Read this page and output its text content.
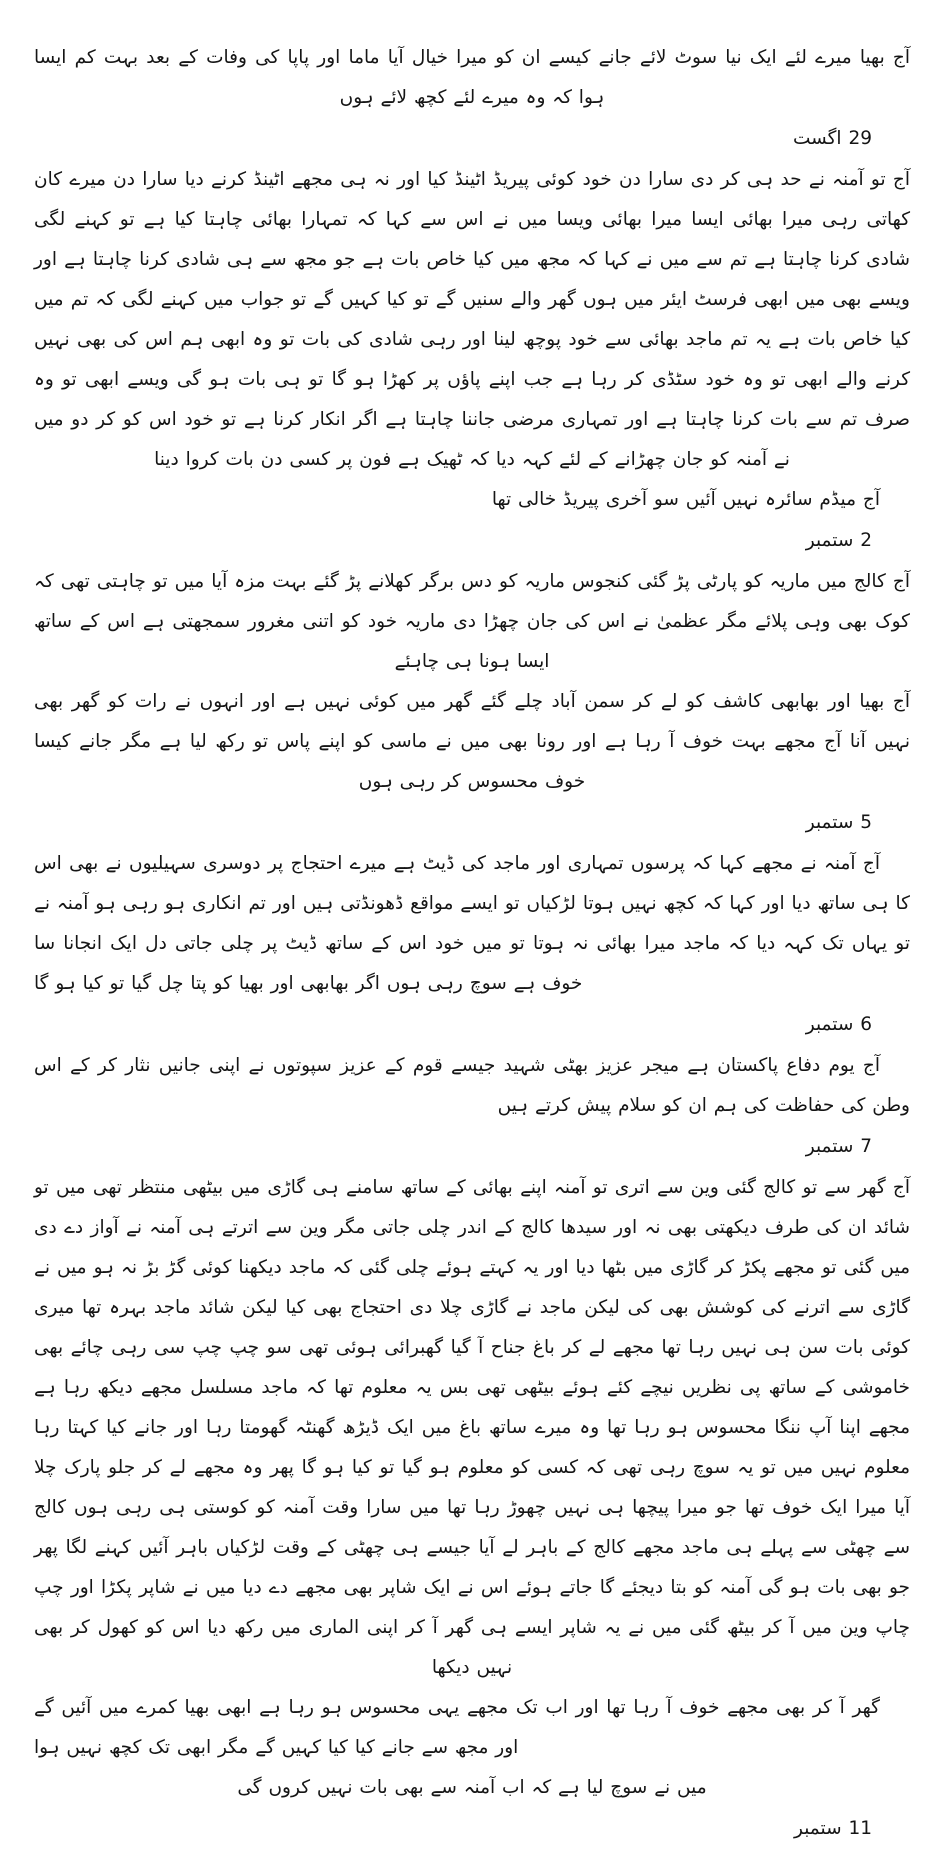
آج بھیا میرے لئے ایک نیا سوٹ لائے جانے کیسے ان کو میرا خیال آیا ماما اور پاپا کی وفات کے بعد بہت کم ایسا ہوا کہ وہ میرے لئے کچھ لائے ہوں

29 اگست

آج تو آمنہ نے حد ہی کر دی سارا دن خود کوئی پیریڈ اٹینڈ کیا اور نہ ہی مجھے اٹینڈ کرنے دیا سارا دن میرے کان کھاتی رہی میرا بھائی ایسا میرا بھائی ویسا میں نے اس سے کہا کہ تمہارا بھائی چاہتا کیا ہے تو کہنے لگی شادی کرنا چاہتا ہے تم سے میں نے کہا کہ مجھ میں کیا خاص بات ہے جو مجھ سے ہی شادی کرنا چاہتا ہے اور ویسے بھی میں ابھی فرسٹ ایئر میں ہوں گھر والے سنیں گے تو کیا کہیں گے تو جواب میں کہنے لگی کہ تم میں کیا خاص بات ہے یہ تم ماجد بھائی سے خود پوچھ لینا اور رہی شادی کی بات تو وہ ابھی ہم اس کی بھی نہیں کرنے والے ابھی تو وہ خود سٹڈی کر رہا ہے جب اپنے پاؤں پر کھڑا ہو گا تو ہی بات ہو گی ویسے ابھی تو وہ صرف تم سے بات کرنا چاہتا ہے اور تمہاری مرضی جاننا چاہتا ہے اگر انکار کرنا ہے تو خود اس کو کر دو میں نے آمنہ کو جان چھڑانے کے لئے کہہ دیا کہ ٹھیک ہے فون پر کسی دن بات کروا دینا

آج میڈم سائرہ نہیں آئیں سو آخری پیریڈ خالی تھا

2 ستمبر

آج کالج میں ماریہ کو پارٹی پڑ گئی کنجوس ماریہ کو دس برگر کھلانے پڑ گئے بہت مزہ آیا میں تو چاہتی تھی کہ کوک بھی وہی پلائے مگر عظمیٰ نے اس کی جان چھڑا دی ماریہ خود کو اتنی مغرور سمجھتی ہے اس کے ساتھ ایسا ہونا ہی چاہئے

آج بھیا اور بھابھی کاشف کو لے کر سمن آباد چلے گئے گھر میں کوئی نہیں ہے اور انہوں نے رات کو گھر بھی نہیں آنا آج مجھے بہت خوف آ رہا ہے اور رونا بھی میں نے ماسی کو اپنے پاس تو رکھ لیا ہے مگر جانے کیسا خوف محسوس کر رہی ہوں

5 ستمبر

آج آمنہ نے مجھے کہا کہ پرسوں تمہاری اور ماجد کی ڈیٹ ہے میرے احتجاج پر دوسری سہیلیوں نے بھی اس کا ہی ساتھ دیا اور کہا کہ کچھ نہیں ہوتا لڑکیاں تو ایسے مواقع ڈھونڈتی ہیں اور تم انکاری ہو رہی ہو آمنہ نے تو یہاں تک کہہ دیا کہ ماجد میرا بھائی نہ ہوتا تو میں خود اس کے ساتھ ڈیٹ پر چلی جاتی دل ایک انجانا سا خوف ہے سوچ رہی ہوں اگر بھابھی اور بھیا کو پتا چل گیا تو کیا ہو گا

6 ستمبر

آج یوم دفاع پاکستان ہے میجر عزیز بھٹی شہید جیسے قوم کے عزیز سپوتوں نے اپنی جانیں نثار کر کے اس وطن کی حفاظت کی ہم ان کو سلام پیش کرتے ہیں

7 ستمبر

آج گھر سے تو کالج گئی وین سے اتری تو آمنہ اپنے بھائی کے ساتھ سامنے ہی گاڑی میں بیٹھی منتظر تھی میں تو شائد ان کی طرف دیکھتی بھی نہ اور سیدھا کالج کے اندر چلی جاتی مگر وین سے اترتے ہی آمنہ نے آواز دے دی میں گئی تو مجھے پکڑ کر گاڑی میں بٹھا دیا اور یہ کہتے ہوئے چلی گئی کہ ماجد دیکھنا کوئی گڑ بڑ نہ ہو میں نے گاڑی سے اترنے کی کوشش بھی کی لیکن ماجد نے گاڑی چلا دی احتجاج بھی کیا لیکن شائد ماجد بہرہ تھا میری کوئی بات سن ہی نہیں رہا تھا مجھے لے کر باغ جناح آ گیا گھبرائی ہوئی تھی سو چپ چپ سی رہی چائے بھی خاموشی کے ساتھ پی نظریں نیچے کئے ہوئے بیٹھی تھی بس یہ معلوم تھا کہ ماجد مسلسل مجھے دیکھ رہا ہے مجھے اپنا آپ ننگا محسوس ہو رہا تھا وہ میرے ساتھ باغ میں ایک ڈیڑھ گھنٹہ گھومتا رہا اور جانے کیا کہتا رہا معلوم نہیں میں تو یہ سوچ رہی تھی کہ کسی کو معلوم ہو گیا تو کیا ہو گا پھر وہ مجھے لے کر جلو پارک چلا آیا میرا ایک خوف تھا جو میرا پیچھا ہی نہیں چھوڑ رہا تھا میں سارا وقت آمنہ کو کوستی ہی رہی ہوں کالج سے چھٹی سے پہلے ہی ماجد مجھے کالج کے باہر لے آیا جیسے ہی چھٹی کے وقت لڑکیاں باہر آئیں کہنے لگا پھر جو بھی بات ہو گی آمنہ کو بتا دیجئے گا جاتے ہوئے اس نے ایک شاپر بھی مجھے دے دیا میں نے شاپر پکڑا اور چپ چاپ وین میں آ کر بیٹھ گئی میں نے یہ شاپر ایسے ہی گھر آ کر اپنی الماری میں رکھ دیا اس کو کھول کر بھی نہیں دیکھا

گھر آ کر بھی مجھے خوف آ رہا تھا اور اب تک مجھے یہی محسوس ہو رہا ہے ابھی بھیا کمرے میں آئیں گے اور مجھ سے جانے کیا کیا کہیں گے مگر ابھی تک کچھ نہیں ہوا

میں نے سوچ لیا ہے کہ اب آمنہ سے بھی بات نہیں کروں گی

11 ستمبر
